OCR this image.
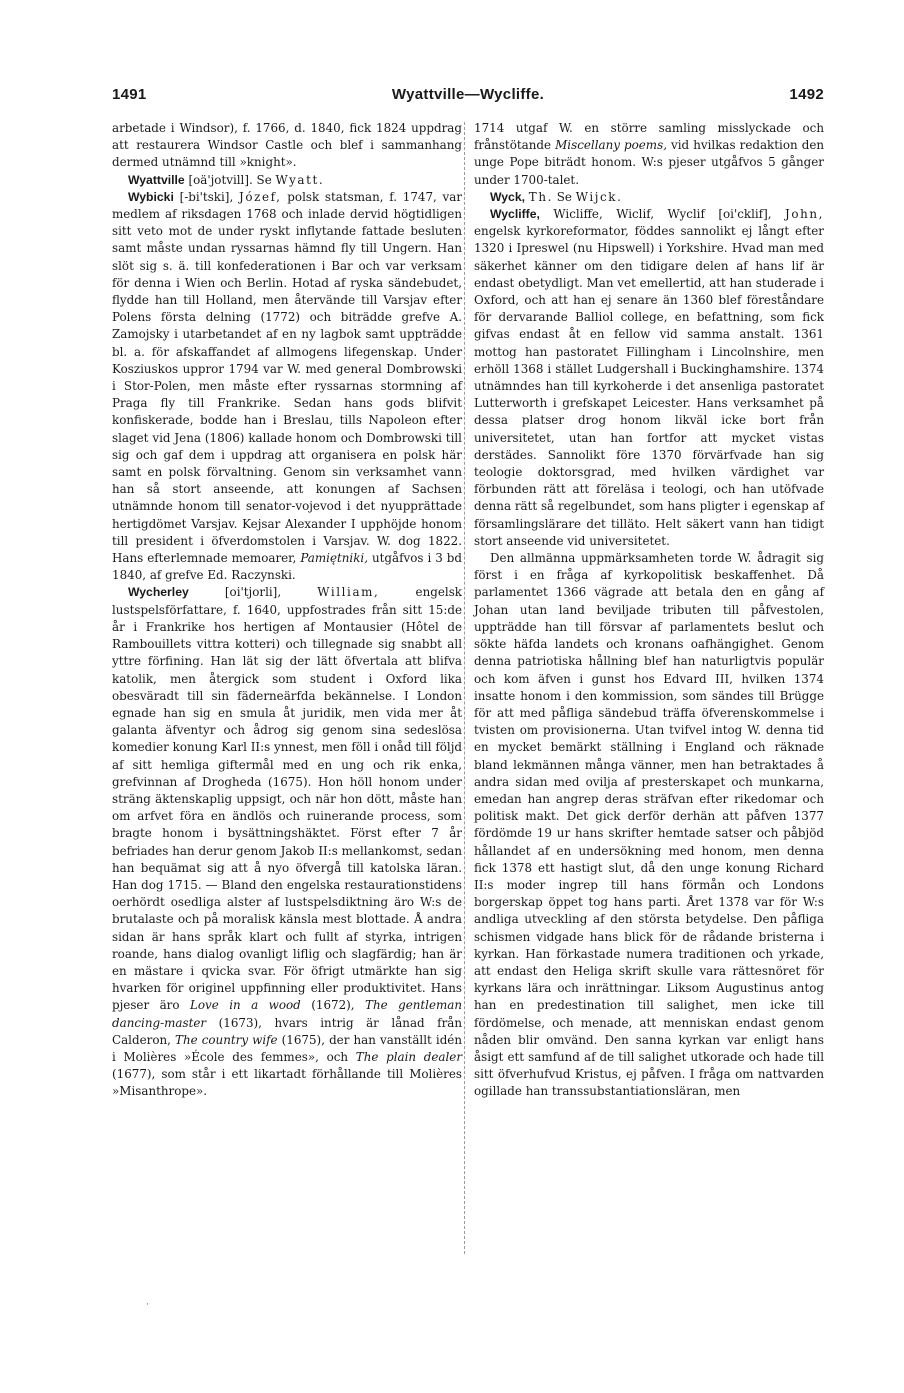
1491	Wyattville—Wycliffe.	1492

arbetade i Windsor), f. 1766, d. 1840, fick 1824 uppdrag att restaurera Windsor Castle och blef i sammanhang dermed utnämnd till »knight».

Wyattville [oä'jotvill]. Se Wyatt.

Wybicki [-bi'tski], Józef, polsk statsman, f. 1747, var medlem af riksdagen 1768 och inlade dervid högtidligen sitt veto mot de under ryskt inflytande fattade besluten samt måste undan ryssarnas hämnd fly till Ungern. Han slöt sig s. ä. till konfederationen i Bar och var verksam för denna i Wien och Berlin. Hotad af ryska sändebudet, flydde han till Holland, men återvände till Varsjav efter Polens första delning (1772) och biträdde grefve A. Zamojsky i utarbetandet af en ny lagbok samt uppträdde bl. a. för afskaffandet af allmogens lifegenskap. Under Kosziuskos uppror 1794 var W. med general Dombrowski i Stor-Polen, men måste efter ryssarnas stormning af Praga fly till Frankrike. Sedan hans gods blifvit konfiskerade, bodde han i Breslau, tills Napoleon efter slaget vid Jena (1806) kallade honom och Dombrowski till sig och gaf dem i uppdrag att organisera en polsk här samt en polsk förvaltning. Genom sin verksamhet vann han så stort anseende, att konungen af Sachsen utnämnde honom till senator-vojevod i det nyupprättade hertigdömet Varsjav. Kejsar Alexander I upphöjde honom till president i öfverdomstolen i Varsjav. W. dog 1822. Hans efterlemnade memoarer, Pamiętniki, utgåfvos i 3 bd 1840, af grefve Ed. Raczynski.

Wycherley	[oi'tjorli],	William,	engelsk lustspelsförfattare, f. 1640, uppfostrades från sitt 15:de år i Frankrike hos hertigen af Montausier (Hôtel de Rambouillets vittra kotteri) och tillegnade sig snabbt all yttre förfining. Han lät sig der lätt öfvertala att blifva katolik, men återgick som student i Oxford lika obesväradt till sin fäderneärfda bekännelse. I London egnade han sig en smula åt juridik, men vida mer åt galanta äfventyr och ådrog sig genom sina sedeslösa komedier konung Karl II:s ynnest, men föll i onåd till följd af sitt hemliga giftermål med en ung och rik enka, grefvinnan af Drogheda (1675). Hon höll honom under sträng äktenskaplig uppsigt, och när hon dött, måste han om arfvet föra en ändlös och ruinerande process, som bragte honom i bysättningshäktet. Först efter 7 år befriades han derur genom Jakob II:s mellankomst, sedan han bequämat sig att å nyo öfvergå till katolska läran. Han dog 1715. — Bland den engelska restaurationstidens oerhördt osedliga alster af lustspelsdiktning äro W:s de brutalaste och på moralisk känsla mest blottade. Å andra sidan är hans språk klart och fullt af styrka, intrigen roande, hans dialog ovanligt liflig och slagfärdig; han är en mästare i qvicka svar. För öfrigt utmärkte han sig hvarken för originel uppfinning eller produktivitet. Hans pjeser äro Love in a wood (1672), The gentleman dancing-master (1673), hvars intrig är lånad från Calderon, The country wife (1675), der han vanställt idén i Molières »École des femmes», och The plain dealer (1677), som står i ett likartadt förhållande till Molières »Misanthrope».

1714 utgaf W. en större samling misslyckade och frånstötande Miscellany poems, vid hvilkas redaktion den unge Pope biträdt honom. W:s pjeser utgåfvos 5 gånger under 1700-talet.

Wyck, Th. Se Wijck.

Wycliffe, Wicliffe, Wiclif, Wyclif [oi'cklif], John, engelsk kyrkoreformator, föddes sannolikt ej långt efter 1320 i Ipreswel (nu Hipswell) i Yorkshire. Hvad man med säkerhet känner om den tidigare delen af hans lif är endast obetydligt. Man vet emellertid, att han studerade i Oxford, och att han ej senare än 1360 blef föreståndare för dervarande Balliol college, en befattning, som fick gifvas endast åt en fellow vid samma anstalt. 1361 mottog han pastoratet Fillingham i Lincolnshire, men erhöll 1368 i stället Ludgershall i Buckinghamshire. 1374 utnämndes han till kyrkoherde i det ansenliga pastoratet Lutterworth i grefskapet Leicester. Hans verksamhet på dessa platser drog honom likväl icke bort från universitetet, utan han fortfor att mycket vistas derstädes. Sannolikt före 1370 förvärfvade han sig teologie doktorsgrad, med hvilken värdighet var förbunden rätt att föreläsa i teologi, och han utöfvade denna rätt så regelbundet, som hans pligter i egenskap af församlingslärare det tilläto. Helt säkert vann han tidigt stort anseende vid universitetet.

Den allmänna uppmärksamheten torde W. ådragit sig först i en fråga af kyrkopolitisk beskaffenhet. Då parlamentet 1366 vägrade att betala den en gång af Johan utan land beviljade tributen till påfvestolen, uppträdde han till försvar af parlamentets beslut och sökte häfda landets och kronans oafhängighet. Genom denna patriotiska hållning blef han naturligtvis populär och kom äfven i gunst hos Edvard III, hvilken 1374 insatte honom i den kommission, som sändes till Brügge för att med påfliga sändebud träffa öfverenskommelse i tvisten om provisionerna. Utan tvifvel intog W. denna tid en mycket bemärkt ställning i England och räknade bland lekmännen många vänner, men han betraktades å andra sidan med ovilja af presterskapet och munkarna, emedan han angrep deras sträfvan efter rikedomar och politisk makt. Det gick derför derhän att påfven 1377 fördömde 19 ur hans skrifter hemtade satser och påbjöd hållandet af en undersökning med honom, men denna fick 1378 ett hastigt slut, då den unge konung Richard II:s moder ingrep till hans förmån och Londons borgerskap öppet tog hans parti. Året 1378 var för W:s andliga utveckling af den största betydelse. Den påfliga schismen vidgade hans blick för de rådande bristerna i kyrkan. Han förkastade numera traditionen och yrkade, att endast den Heliga skrift skulle vara rättesnöret för kyrkans lära och inrättningar. Liksom Augustinus antog han en predestination till salighet, men icke till fördömelse, och menade, att menniskan endast genom nåden blir omvänd. Den sanna kyrkan var enligt hans åsigt ett samfund af de till salighet utkorade och hade till sitt öfverhufvud Kristus, ej påfven. I fråga om nattvarden ogillade han transsubstantiationsläran, men

·
